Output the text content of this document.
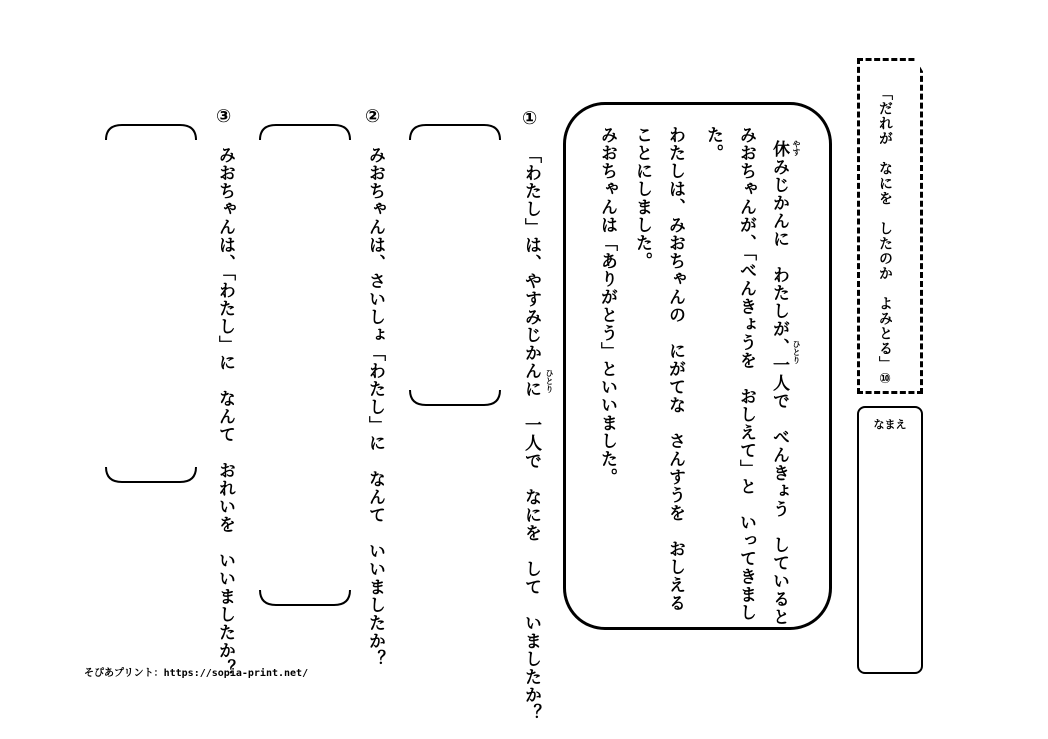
「だれが　なにを　したのか　よみとる」⑩
なまえ
やす
ひとり
休みじかんに　わたしが、一人で　べんきょう　していると
みおちゃんが、「べんきょうを　おしえて」と　いってきまし
た。
わたしは、みおちゃんの　にがてな　さんすうを　おしえる
ことにしました。
みおちゃんは「ありがとう」といいました。
①
ひとり
「わたし」は、やすみじかんに　一人で　なにを　して　いましたか？
②
みおちゃんは、さいしょ「わたし」に　なんて　いいましたか？
③
みおちゃんは、「わたし」に　なんて　おれいを　いいましたか？
そぴあプリント：https://sopia-print.net/
